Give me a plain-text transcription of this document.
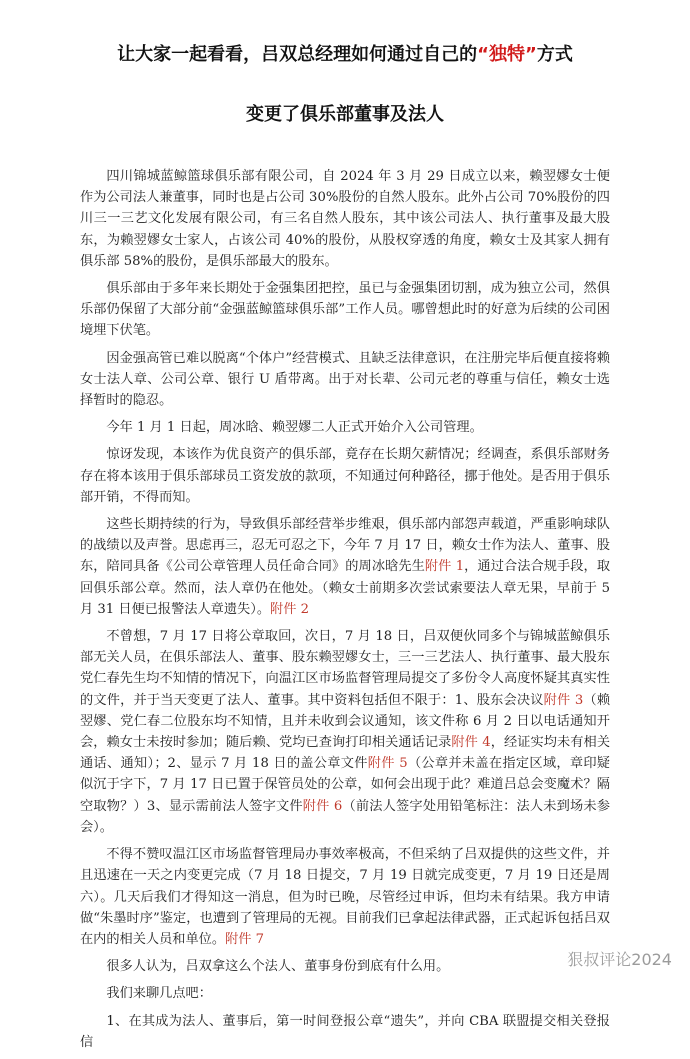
让大家一起看看，吕双总经理如何通过自己的“独特”方式
变更了俱乐部董事及法人

四川锦城蓝鲸篮球俱乐部有限公司，自 2024 年 3 月 29 日成立以来，赖翌嫪女士便作为公司法人兼董事，同时也是占公司 30%股份的自然人股东。此外占公司 70%股份的四川三一三艺文化发展有限公司，有三名自然人股东，其中该公司法人、执行董事及最大股东，为赖翌嫪女士家人，占该公司 40%的股份，从股权穿透的角度，赖女士及其家人拥有俱乐部 58%的股份，是俱乐部最大的股东。

俱乐部由于多年来长期处于金强集团把控，虽已与金强集团切割，成为独立公司，然俱乐部仍保留了大部分前“金强蓝鲸篮球俱乐部”工作人员。哪曾想此时的好意为后续的公司困境埋下伏笔。

因金强高管已难以脱离“个体户”经营模式、且缺乏法律意识，在注册完毕后便直接将赖女士法人章、公司公章、银行 U 盾带离。出于对长辈、公司元老的尊重与信任，赖女士选择暂时的隐忍。

今年 1 月 1 日起，周冰晗、赖翌嫪二人正式开始介入公司管理。

惊讶发现，本该作为优良资产的俱乐部，竟存在长期欠薪情况；经调查，系俱乐部财务存在将本该用于俱乐部球员工资发放的款项，不知通过何种路径，挪于他处。是否用于俱乐部开销，不得而知。

这些长期持续的行为，导致俱乐部经营举步维艰，俱乐部内部怨声载道，严重影响球队的战绩以及声誉。思虑再三，忍无可忍之下，今年 7 月 17 日，赖女士作为法人、董事、股东，陪同具备《公司公章管理人员任命合同》的周冰晗先生附件 1，通过合法合规手段，取回俱乐部公章。然而，法人章仍在他处。（赖女士前期多次尝试索要法人章无果，早前于 5 月 31 日便已报警法人章遗失）。附件 2

不曾想，7 月 17 日将公章取回，次日，7 月 18 日，吕双便伙同多个与锦城蓝鲸俱乐部无关人员，在俱乐部法人、董事、股东赖翌嫪女士，三一三艺法人、执行董事、最大股东党仁春先生均不知情的情况下，向温江区市场监督管理局提交了多份令人高度怀疑其真实性的文件，并于当天变更了法人、董事。其中资料包括但不限于：1、股东会决议附件 3（赖翌嫪、党仁春二位股东均不知情，且并未收到会议通知，该文件称 6 月 2 日以电话通知开会，赖女士未按时参加；随后赖、党均已查询打印相关通话记录附件 4，经证实均未有相关通话、通知）；2、显示 7 月 18 日的盖公章文件附件 5（公章并未盖在指定区域，章印疑似沉于字下，7 月 17 日已置于保管员处的公章，如何会出现于此？难道吕总会变魔术？隔空取物？）3、显示需前法人签字文件附件 6（前法人签字处用铅笔标注：法人未到场未参会）。

不得不赞叹温江区市场监督管理局办事效率极高，不但采纳了吕双提供的这些文件，并且迅速在一天之内变更完成（7 月 18 日提交，7 月 19 日就完成变更，7 月 19 日还是周六）。几天后我们才得知这一消息，但为时已晚，尽管经过申诉，但均未有结果。我方申请做“朱墨时序”鉴定，也遭到了管理局的无视。目前我们已拿起法律武器，正式起诉包括吕双在内的相关人员和单位。附件 7

很多人认为，吕双拿这么个法人、董事身份到底有什么用。

我们来聊几点吧：

1、在其成为法人、董事后，第一时间登报公章“遗失”，并向 CBA 联盟提交相关登报信

狠叔评论2024
